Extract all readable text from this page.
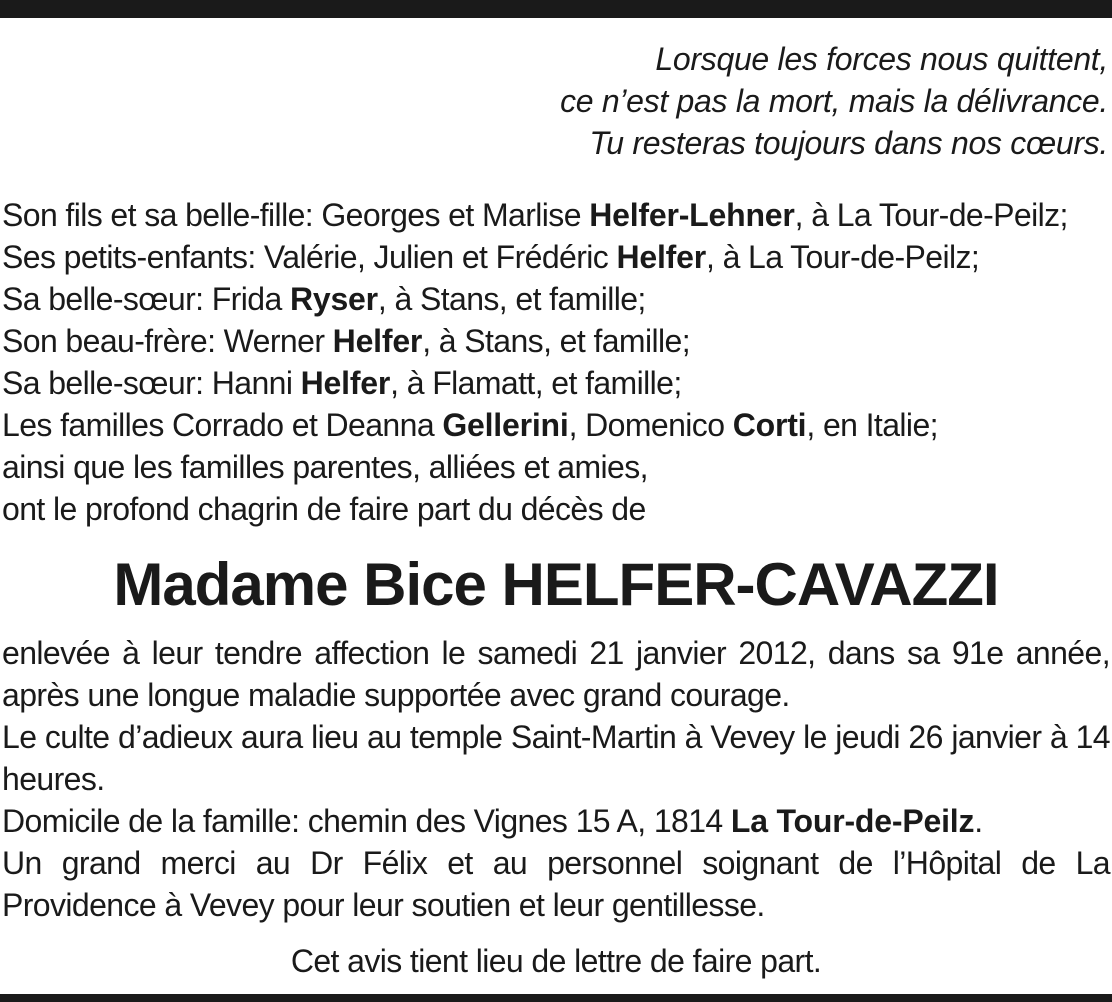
Lorsque les forces nous quittent,
ce n’est pas la mort, mais la délivrance.
Tu resteras toujours dans nos cœurs.
Son fils et sa belle-fille: Georges et Marlise Helfer-Lehner, à La Tour-de-Peilz;
Ses petits-enfants: Valérie, Julien et Frédéric Helfer, à La Tour-de-Peilz;
Sa belle-sœur: Frida Ryser, à Stans, et famille;
Son beau-frère: Werner Helfer, à Stans, et famille;
Sa belle-sœur: Hanni Helfer, à Flamatt, et famille;
Les familles Corrado et Deanna Gellerini, Domenico Corti, en Italie;
ainsi que les familles parentes, alliées et amies,
ont le profond chagrin de faire part du décès de
Madame Bice HELFER-CAVAZZI
enlevée à leur tendre affection le samedi 21 janvier 2012, dans sa 91e année, après une longue maladie supportée avec grand courage.
Le culte d’adieux aura lieu au temple Saint-Martin à Vevey le jeudi 26 janvier à 14 heures.
Domicile de la famille: chemin des Vignes 15 A, 1814 La Tour-de-Peilz.
Un grand merci au Dr Félix et au personnel soignant de l’Hôpital de La Providence à Vevey pour leur soutien et leur gentillesse.
Cet avis tient lieu de lettre de faire part.
